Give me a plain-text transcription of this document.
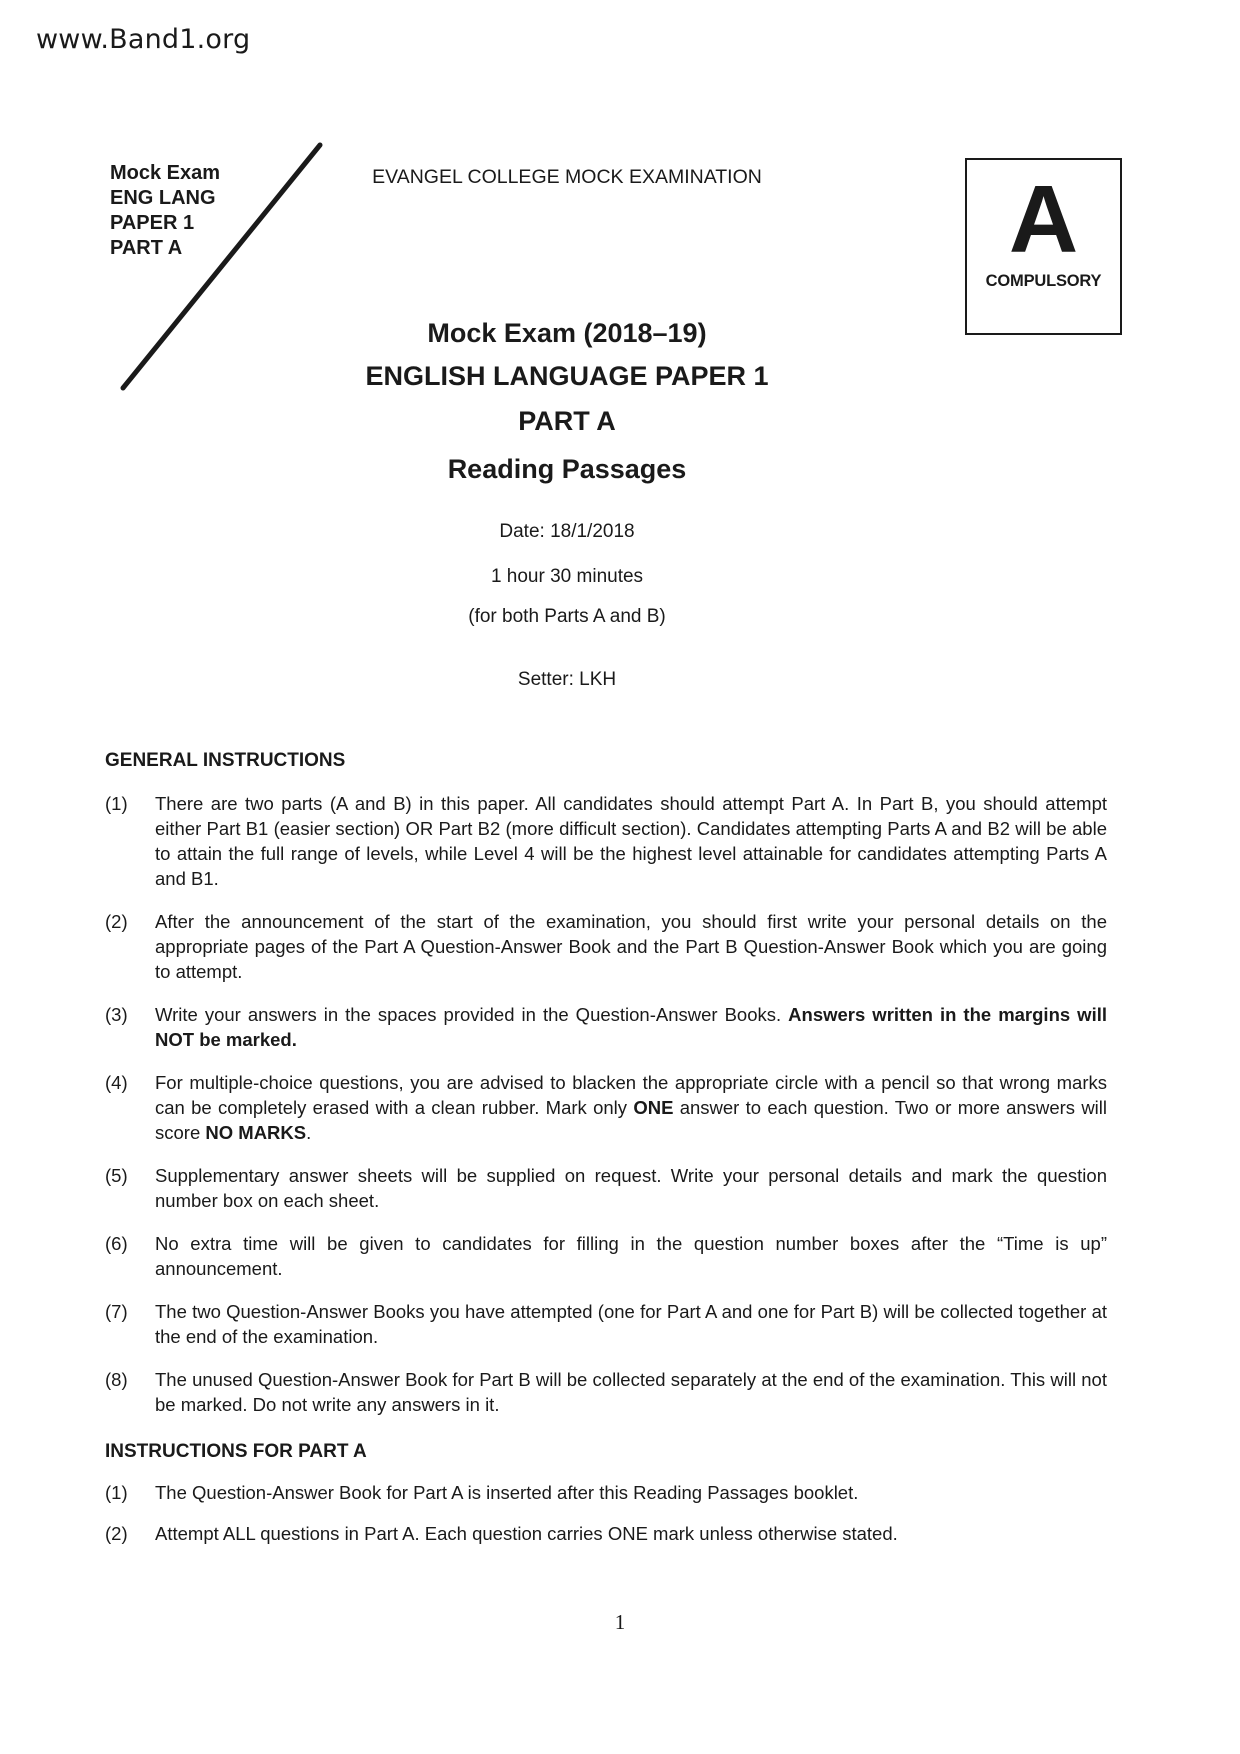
www.Band1.org
Mock Exam
ENG LANG
PAPER 1
PART A
EVANGEL COLLEGE MOCK EXAMINATION	A
COMPULSORY
Mock Exam (2018–19)
ENGLISH LANGUAGE PAPER 1
PART A
Reading Passages
Date: 18/1/2018
1 hour 30 minutes
(for both Parts A and B)
Setter: LKH
GENERAL INSTRUCTIONS
(1)	There are two parts (A and B) in this paper. All candidates should attempt Part A. In Part B, you should attempt either Part B1 (easier section) OR Part B2 (more difficult section). Candidates attempting Parts A and B2 will be able to attain the full range of levels, while Level 4 will be the highest level attainable for candidates attempting Parts A and B1.
(2)	After the announcement of the start of the examination, you should first write your personal details on the appropriate pages of the Part A Question-Answer Book and the Part B Question-Answer Book which you are going to attempt.
(3)	Write your answers in the spaces provided in the Question-Answer Books. Answers written in the margins will NOT be marked.
(4)	For multiple-choice questions, you are advised to blacken the appropriate circle with a pencil so that wrong marks can be completely erased with a clean rubber. Mark only ONE answer to each question. Two or more answers will score NO MARKS.
(5)	Supplementary answer sheets will be supplied on request. Write your personal details and mark the question number box on each sheet.
(6)	No extra time will be given to candidates for filling in the question number boxes after the “Time is up” announcement.
(7)	The two Question-Answer Books you have attempted (one for Part A and one for Part B) will be collected together at the end of the examination.
(8)	The unused Question-Answer Book for Part B will be collected separately at the end of the examination. This will not be marked. Do not write any answers in it.
INSTRUCTIONS FOR PART A
(1)	The Question-Answer Book for Part A is inserted after this Reading Passages booklet.
(2)	Attempt ALL questions in Part A. Each question carries ONE mark unless otherwise stated.
1
